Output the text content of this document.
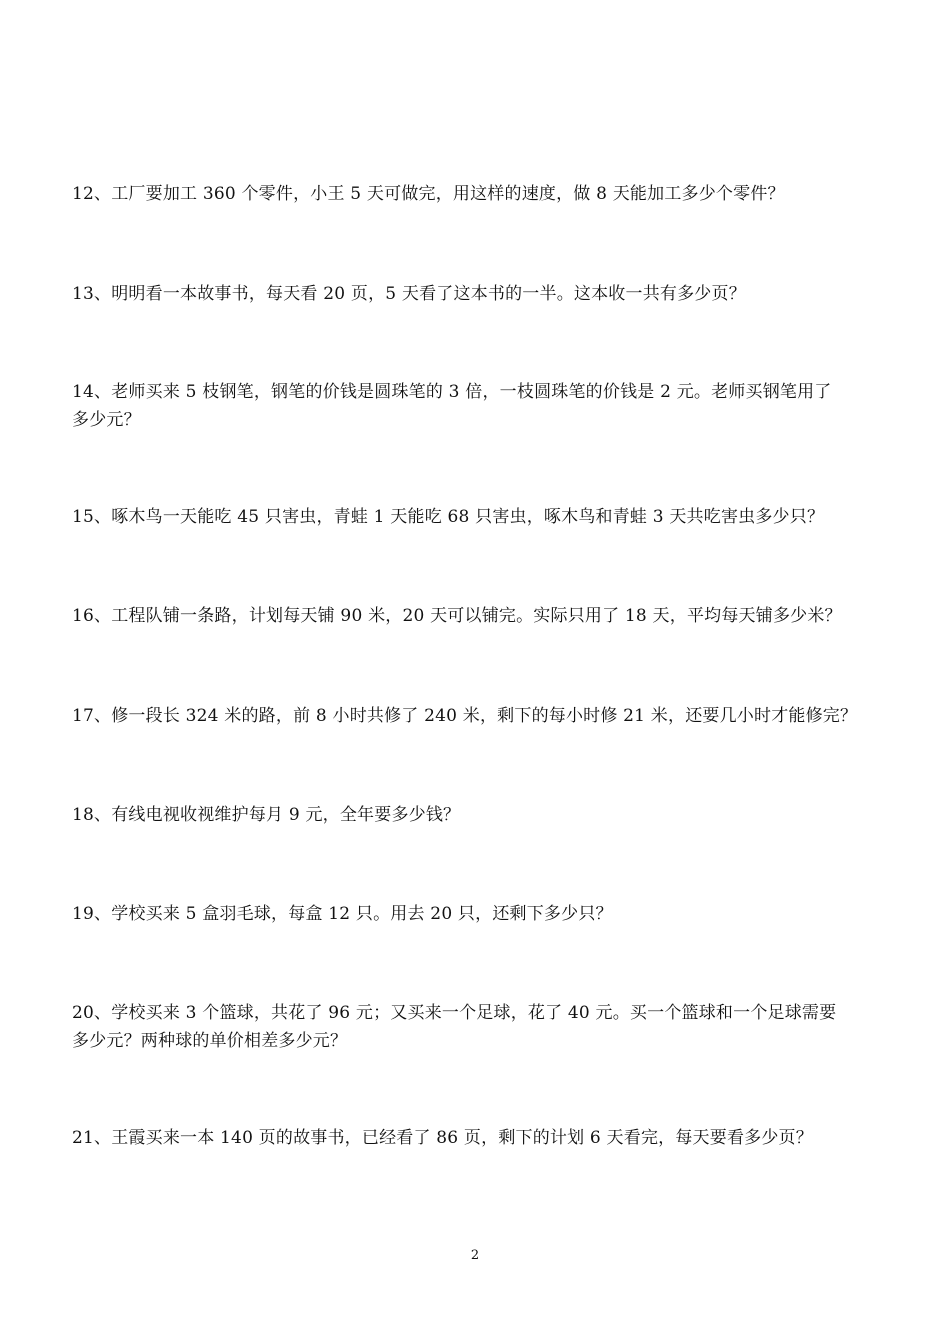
12、工厂要加工 360 个零件，小王 5 天可做完，用这样的速度，做 8 天能加工多少个零件？
13、明明看一本故事书，每天看 20 页，5 天看了这本书的一半。这本收一共有多少页？
14、老师买来 5 枝钢笔，钢笔的价钱是圆珠笔的 3 倍，一枝圆珠笔的价钱是 2 元。老师买钢笔用了
多少元？
15、啄木鸟一天能吃 45 只害虫，青蛙 1 天能吃 68 只害虫，啄木鸟和青蛙 3 天共吃害虫多少只？
16、工程队铺一条路，计划每天铺 90 米，20 天可以铺完。实际只用了 18 天，平均每天铺多少米？
17、修一段长 324 米的路，前 8 小时共修了 240 米，剩下的每小时修 21 米，还要几小时才能修完？
18、有线电视收视维护每月 9 元，全年要多少钱？
19、学校买来 5 盒羽毛球，每盒 12 只。用去 20 只，还剩下多少只？
20、学校买来 3 个篮球，共花了 96 元；又买来一个足球，花了 40 元。买一个篮球和一个足球需要
多少元？两种球的单价相差多少元？
21、王霞买来一本 140 页的故事书，已经看了 86 页，剩下的计划 6 天看完，每天要看多少页？
2
